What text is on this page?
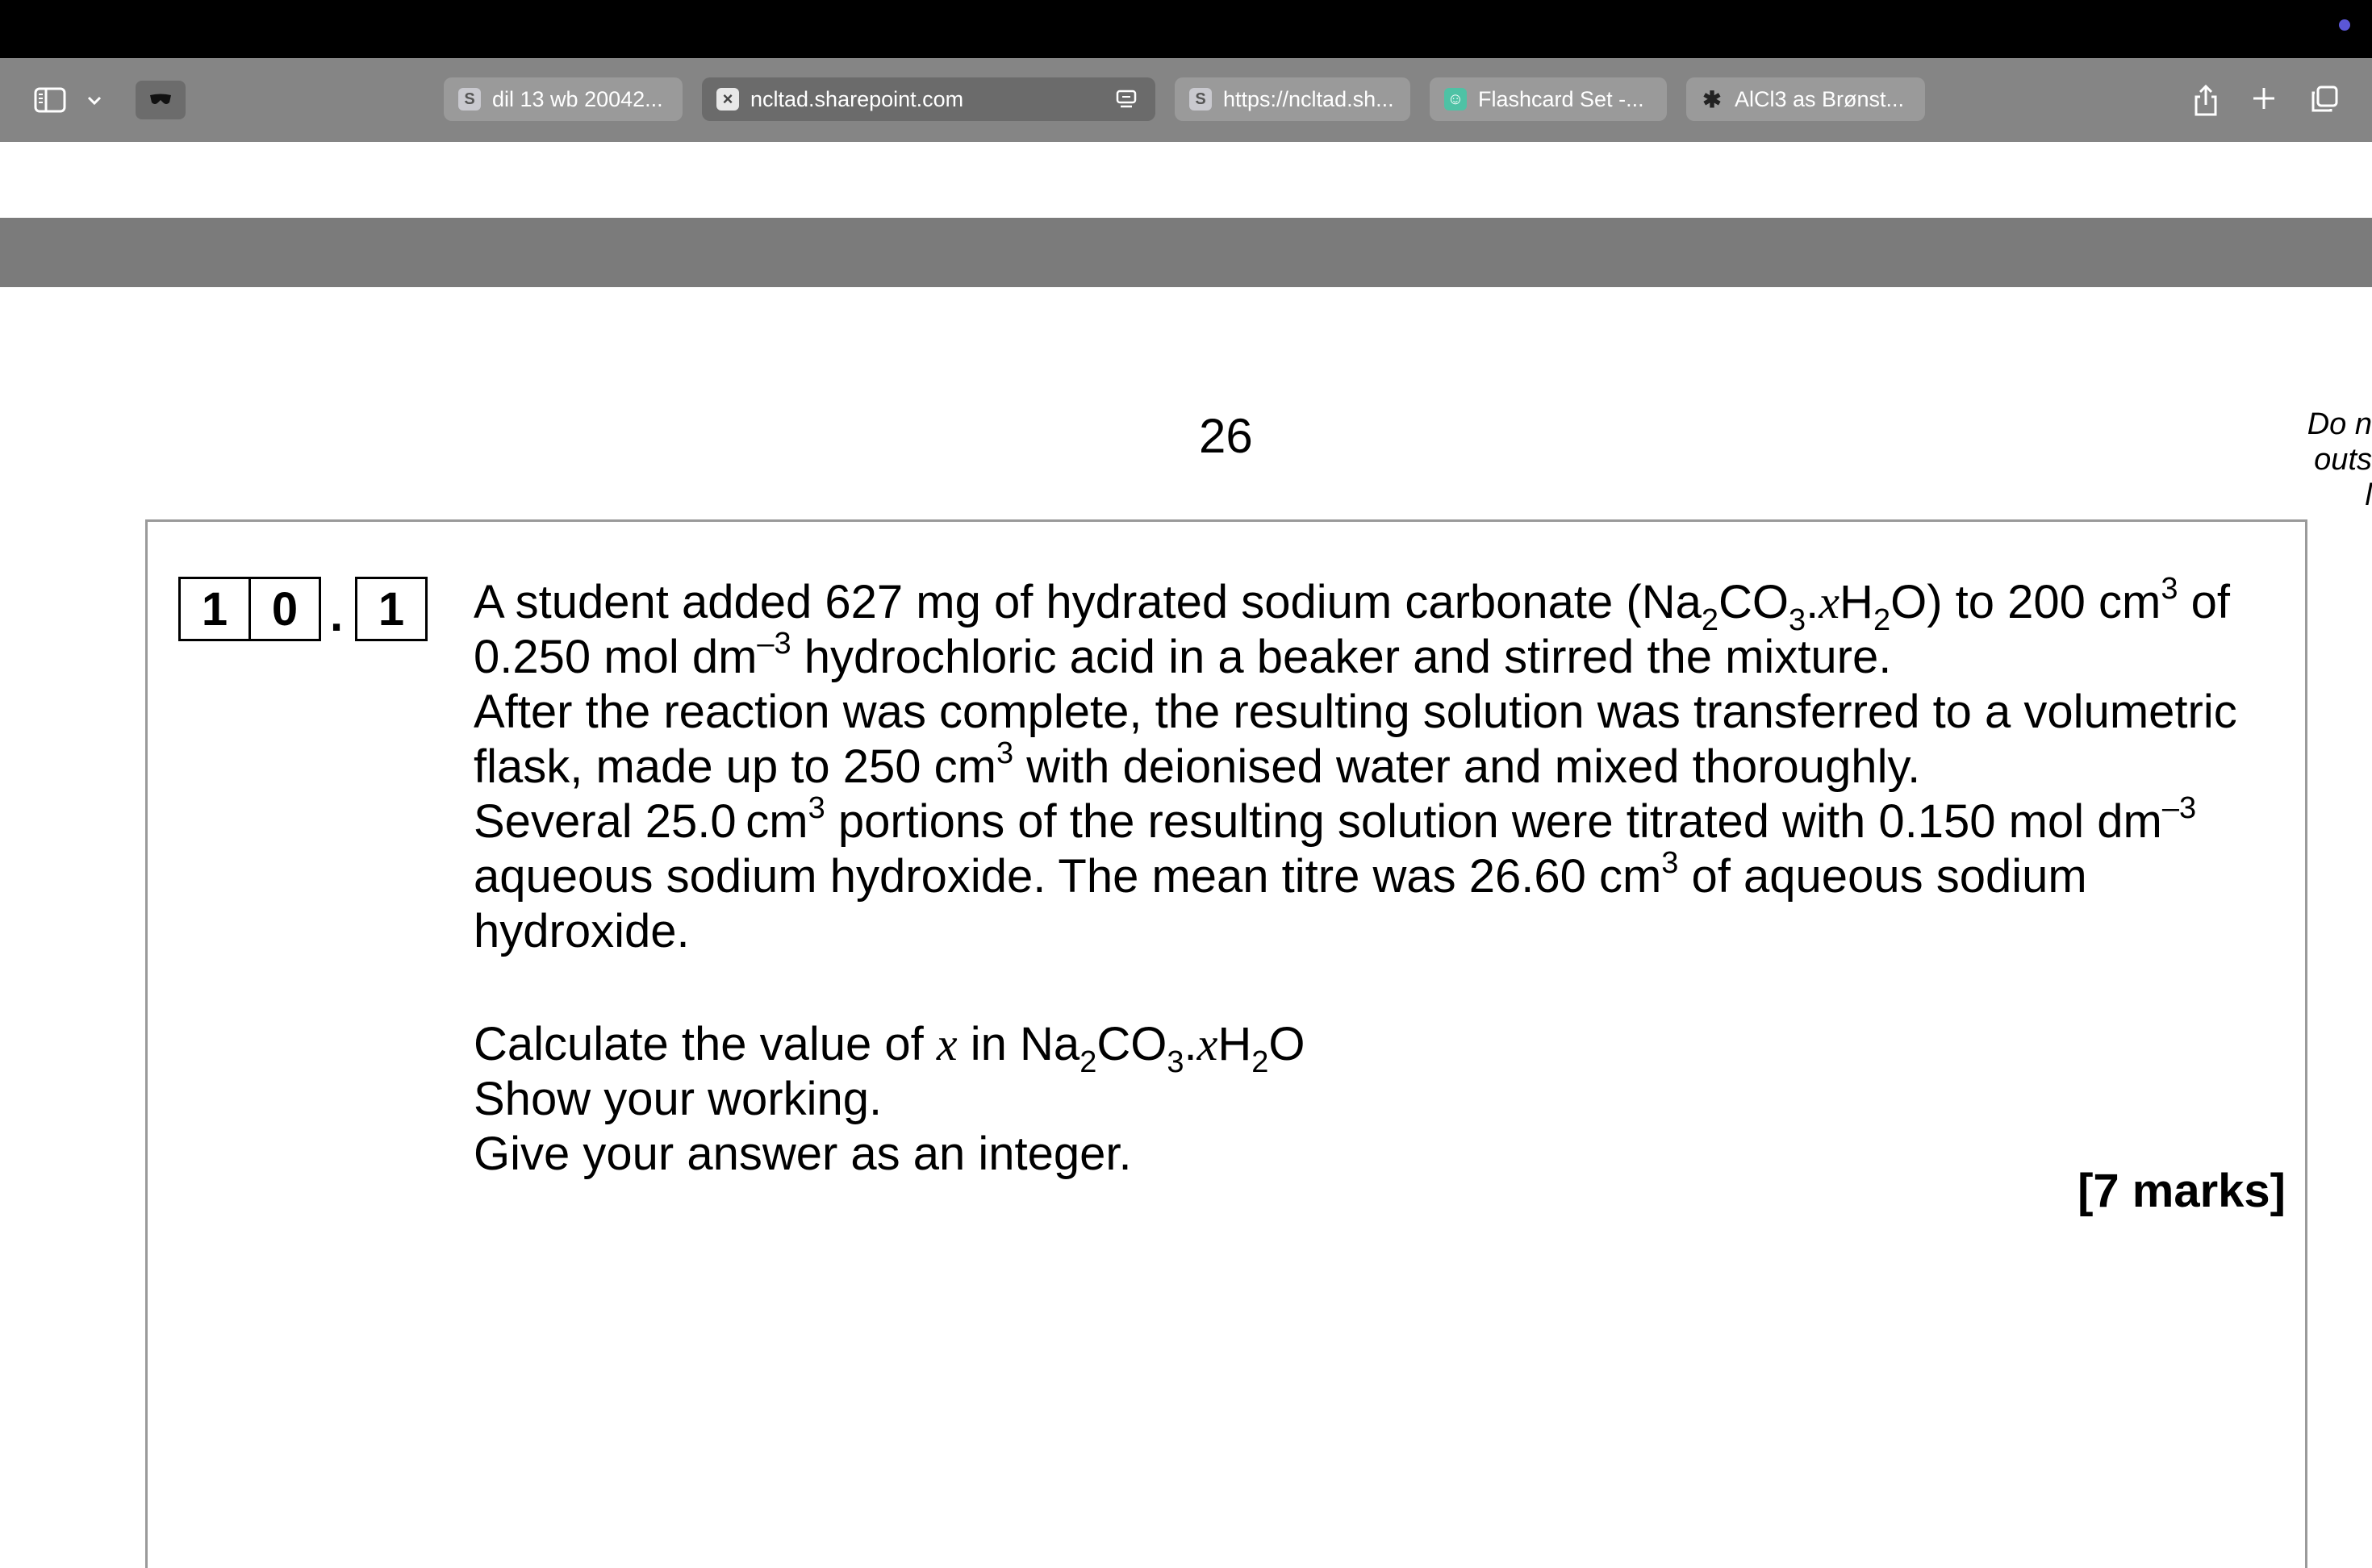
S dil 13 wb 20042...	× ncltad.sharepoint.com	S https://ncltad.sh...	☺ Flashcard Set -...	✱ AlCl3 as Brønst...
26	Do n
outs
l
1 0 . 1	A student added 627 mg of hydrated sodium carbonate $(Na_2CO_3.xH_2O)$ to 200 $cm^3$ of
0.250 mol $dm^{-3}$ hydrochloric acid in a beaker and stirred the mixture.
After the reaction was complete, the resulting solution was transferred to a volumetric
flask, made up to 250 $cm^3$ with deionised water and mixed thoroughly.
Several 25.0 $cm^3$ portions of the resulting solution were titrated with 0.150 mol $dm^{-3}$
aqueous sodium hydroxide. The mean titre was 26.60 $cm^3$ of aqueous sodium
hydroxide.
Calculate the value of x in $Na_2CO_3.xH_2O$
Show your working.
Give your answer as an integer.
[7 marks]
